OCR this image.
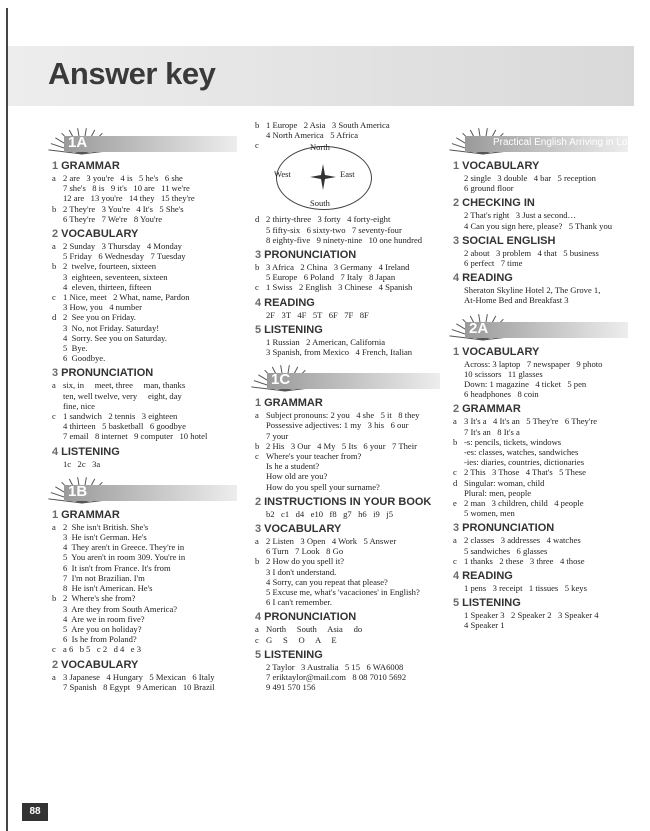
Answer key
1A
1 GRAMMAR
a 2 are   3 you're   4 is   5 he's   6 she
7 she's   8 is   9 it's   10 are   11 we're
12 are   13 you're   14 they   15 they're
b 2 They're   3 You're   4 It's   5 She's
6 They're   7 We're   8 You're
2 VOCABULARY
a 2 Sunday   3 Thursday   4 Monday
5 Friday   6 Wednesday   7 Tuesday
b 2  twelve, fourteen, sixteen
3  eighteen, seventeen, sixteen
4  eleven, thirteen, fifteen
c 1 Nice, meet   2 What, name, Pardon
3 How, you   4 number
d 2  See you on Friday.
3  No, not Friday. Saturday!
4  Sorry. See you on Saturday.
5  Bye.
6  Goodbye.
3 PRONUNCIATION
a six, in     meet, three     man, thanks
ten, well twelve, very     eight, day
fine, nice
c 1 sandwich   2 tennis   3 eighteen
4 thirteen   5 basketball   6 goodbye
7 email   8 internet   9 computer   10 hotel
4 LISTENING
1c   2c   3a
1B
1 GRAMMAR
a 2  She isn't British. She's
3  He isn't German. He's
4  They aren't in Greece. They're in
5  You aren't in room 309. You're in
6  It isn't from France. It's from
7  I'm not Brazilian. I'm
8  He isn't American. He's
b 2  Where's she from?
3  Are they from South America?
4  Are we in room five?
5  Are you on holiday?
6  Is he from Poland?
c a 6   b 5   c 2   d 4   e 3
2 VOCABULARY
a 3 Japanese   4 Hungary   5 Mexican   6 Italy
7 Spanish   8 Egypt   9 American   10 Brazil
b 1 Europe   2 Asia   3 South America
4 North America   5 Africa
c	North
South
East
West
d 2 thirty-three   3 forty   4 forty-eight
5 fifty-six   6 sixty-two   7 seventy-four
8 eighty-five   9 ninety-nine   10 one hundred
3 PRONUNCIATION
b 3 Africa   2 China   3 Germany   4 Ireland
5 Europe   6 Poland   7 Italy   8 Japan
c 1 Swiss   2 English   3 Chinese   4 Spanish
4 READING
2F   3T   4F   5T   6F   7F   8F
5 LISTENING
1 Russian   2 American, California
3 Spanish, from Mexico   4 French, Italian
1C
1 GRAMMAR
a Subject pronouns: 2 you   4 she   5 it   8 they
Possessive adjectives: 1 my   3 his   6 our
7 your
b 2 His   3 Our   4 My   5 Its   6 your   7 Their
c Where's your teacher from?
Is he a student?
How old are you?
How do you spell your surname?
2 INSTRUCTIONS IN YOUR BOOK
b2   c1   d4   e10   f8   g7   h6   i9   j5
3 VOCABULARY
a 2 Listen   3 Open   4 Work   5 Answer
6 Turn   7 Look   8 Go
b 2 How do you spell it?
3 I don't understand.
4 Sorry, can you repeat that please?
5 Excuse me, what's 'vacaciones' in English?
6 I can't remember.
4 PRONUNCIATION
a North     South     Asia     do
c G     S     O     A     E
5 LISTENING
2 Taylor   3 Australia   5 15   6 WA6008
7 eriktaylor@mail.com   8 08 7010 5692
9 491 570 156
Practical English Arriving in London
1 VOCABULARY
2 single   3 double   4 bar   5 reception
6 ground floor
2 CHECKING IN
2 That's right   3 Just a second…
4 Can you sign here, please?   5 Thank you
3 SOCIAL ENGLISH
2 about   3 problem   4 that   5 business
6 perfect   7 time
4 READING
Sheraton Skyline Hotel 2, The Grove 1,
At-Home Bed and Breakfast 3
2A
1 VOCABULARY
Across: 3 laptop   7 newspaper   9 photo
10 scissors   11 glasses
Down: 1 magazine   4 ticket   5 pen
6 headphones   8 coin
2 GRAMMAR
a 3 It's a   4 It's an   5 They're   6 They're
7 It's an   8 It's a
b -s: pencils, tickets, windows
-es: classes, watches, sandwiches
-ies: diaries, countries, dictionaries
c 2 This   3 Those   4 That's   5 These
d Singular: woman, child
Plural: men, people
e 2 man   3 children, child   4 people
5 women, men
3 PRONUNCIATION
a 2 classes   3 addresses   4 watches
5 sandwiches   6 glasses
c 1 thanks   2 these   3 three   4 those
4 READING
1 pens   3 receipt   1 tissues   5 keys
5 LISTENING
1 Speaker 3   2 Speaker 2   3 Speaker 4
4 Speaker 1
88
